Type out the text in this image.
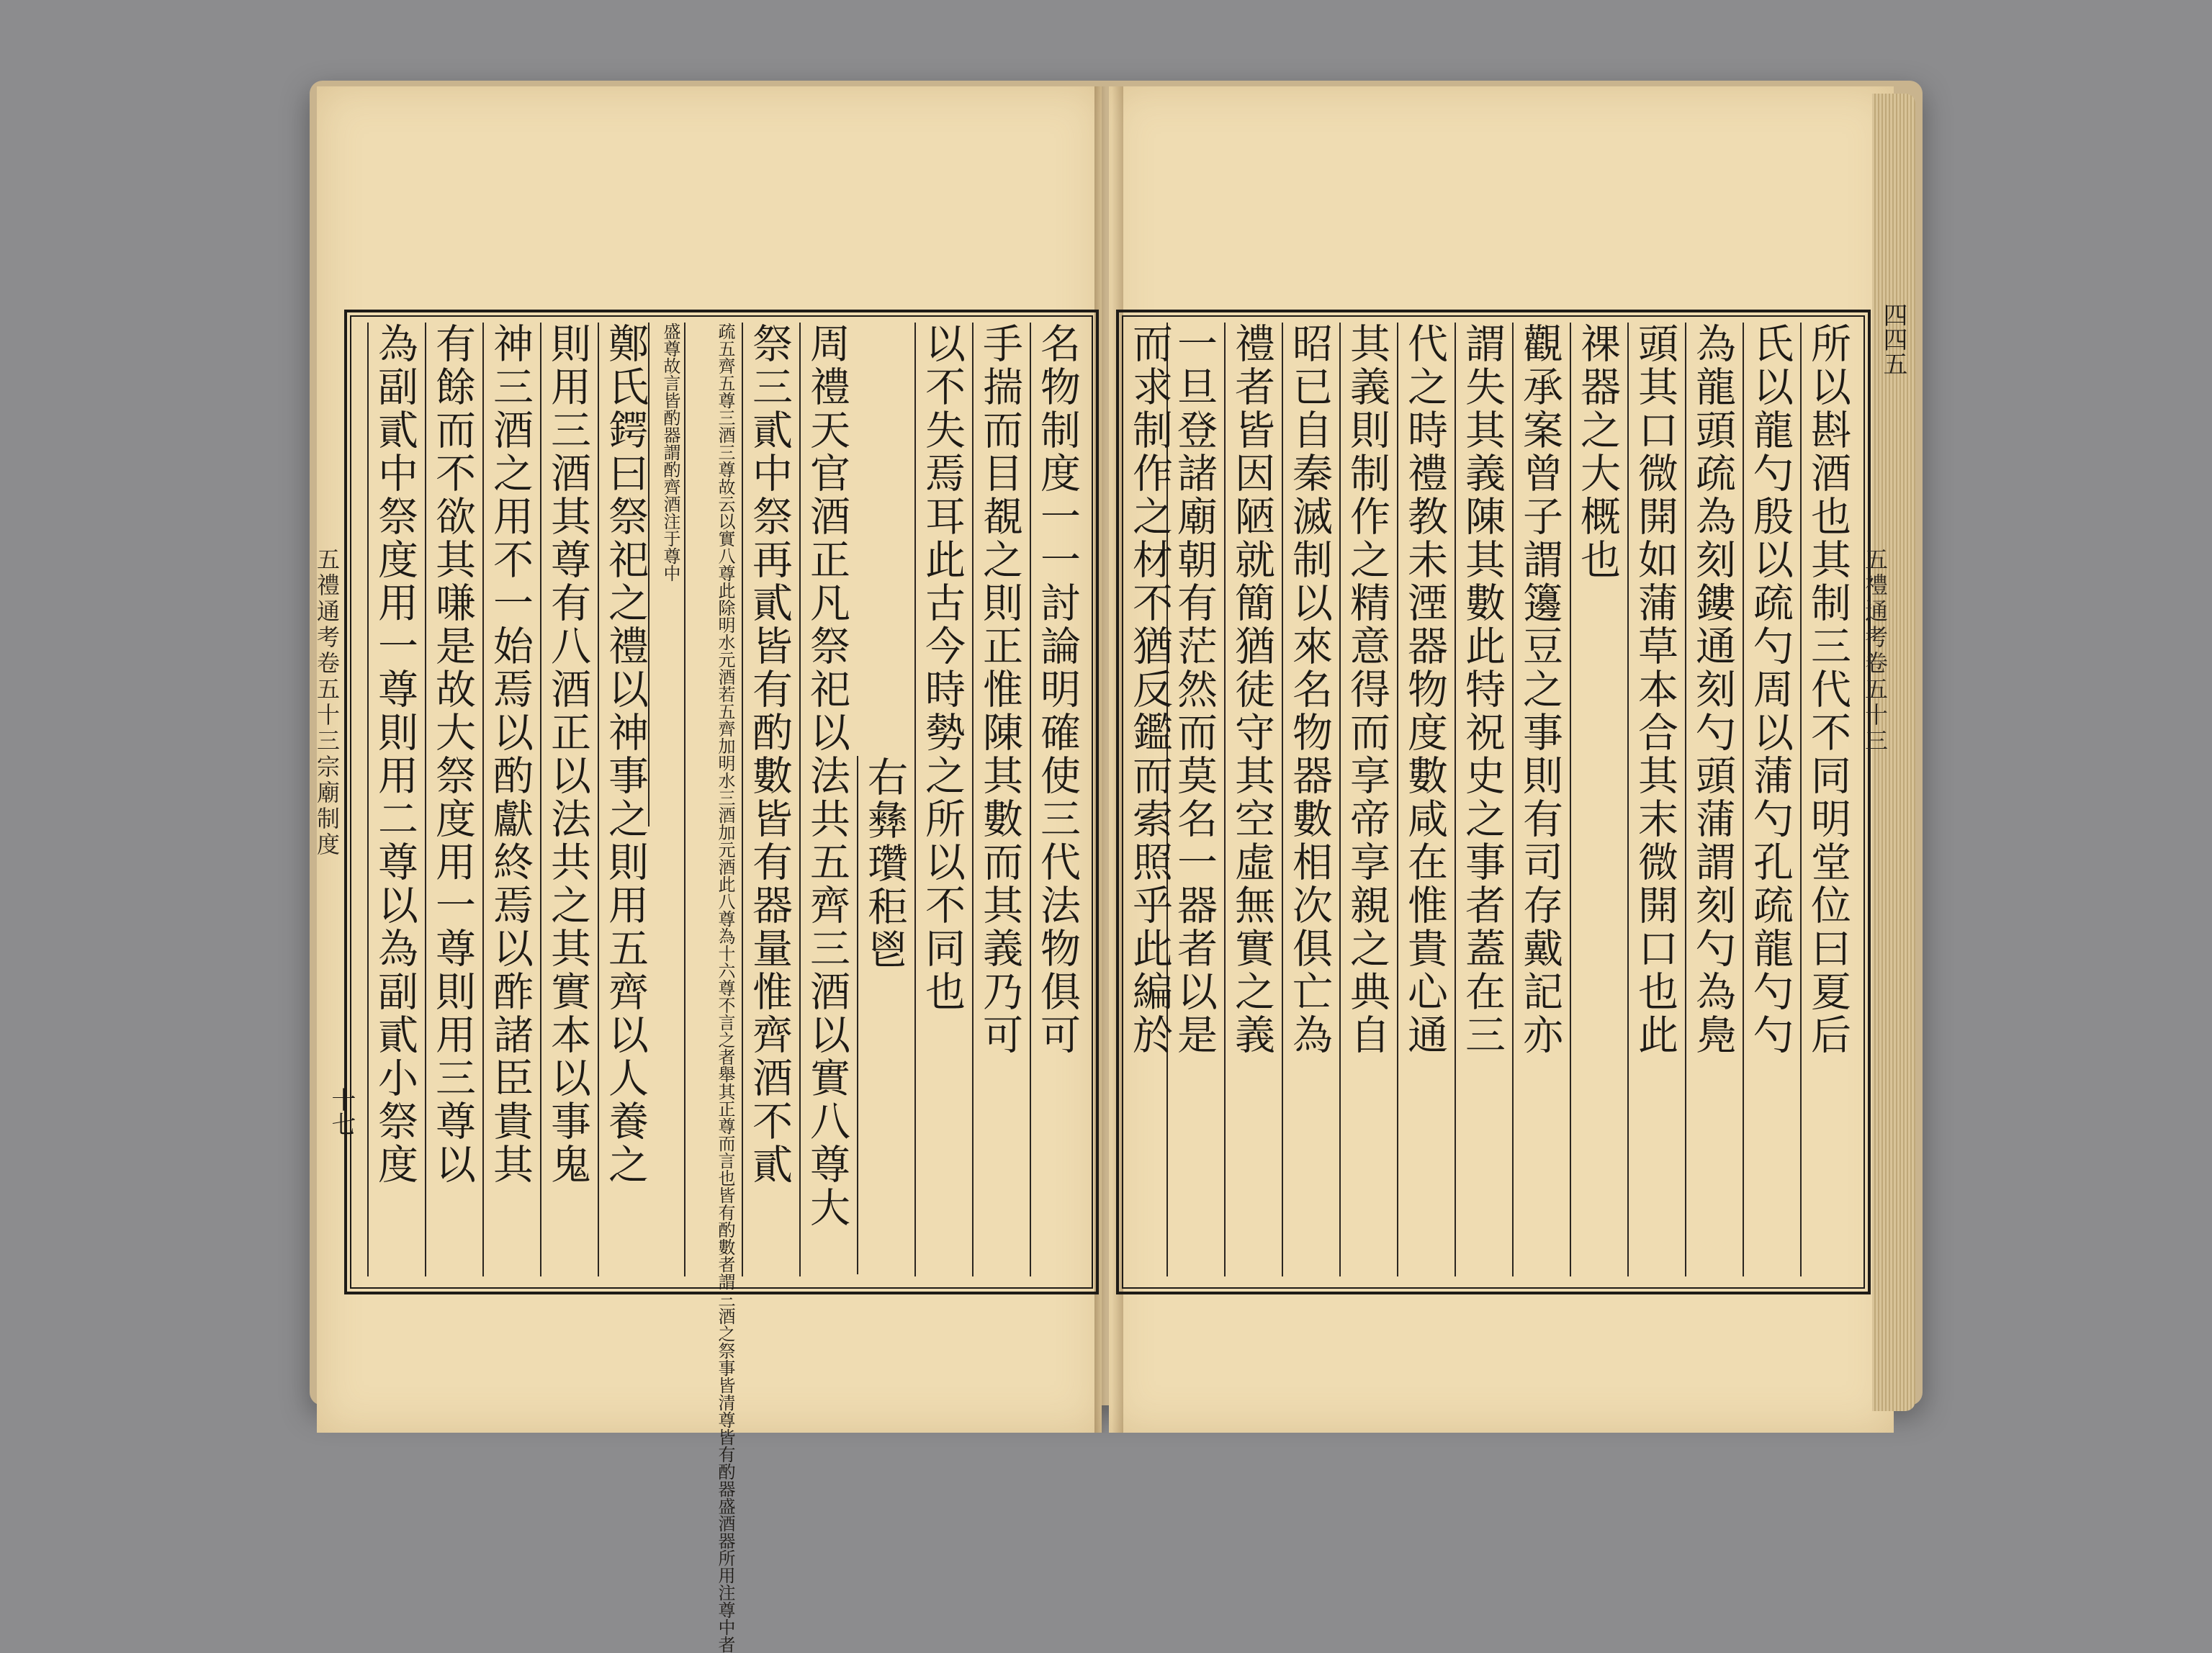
五禮通考卷五十三宗廟制度
十七
名物制度一一討論明確使三代法物俱可
手揣而目覩之則正惟陳其數而其義乃可
以不失焉耳此古今時勢之所以不同也
右彝瓚秬鬯
周禮天官酒正凡祭祀以法共五齊三酒以實八尊大
祭三貳中祭再貳皆有酌數皆有器量惟齊酒不貳
疏五齊五尊三酒三尊故云以實八尊此除明水元酒若五齊加明水三酒加元酒此八尊為十六尊不言之者舉其正尊而言也皆有酌數者謂三酒之祭事皆清尊皆有酌器盛酒器所用注尊中者
盛尊故言皆酌器謂酌齊酒注于尊中
鄭氏鍔曰祭祀之禮以神事之則用五齊以人養之
則用三酒其尊有八酒正以法共之其實本以事鬼
神三酒之用不一始焉以酌獻終焉以酢諸臣貴其
有餘而不欲其嗛是故大祭度用一尊則用三尊以
為副貳中祭度用一尊則用二尊以為副貳小祭度	四四五
五禮通考卷五十三
所以斟酒也其制三代不同明堂位曰夏后
氏以龍勺殷以疏勺周以蒲勺孔疏龍勺勺
為龍頭疏為刻鏤通刻勺頭蒲謂刻勺為鳧
頭其口微開如蒲草本合其末微開口也此
祼器之大概也
觀承案曾子謂籩豆之事則有司存戴記亦
謂失其義陳其數此特祝史之事者蓋在三
代之時禮教未湮器物度數咸在惟貴心通
其義則制作之精意得而享帝享親之典自
昭已自秦滅制以來名物器數相次俱亡為
禮者皆因陋就簡猶徒守其空虛無實之義
一旦登諸廟朝有茫然而莫名一器者以是
而求制作之材不猶反鑑而索照乎此編於
